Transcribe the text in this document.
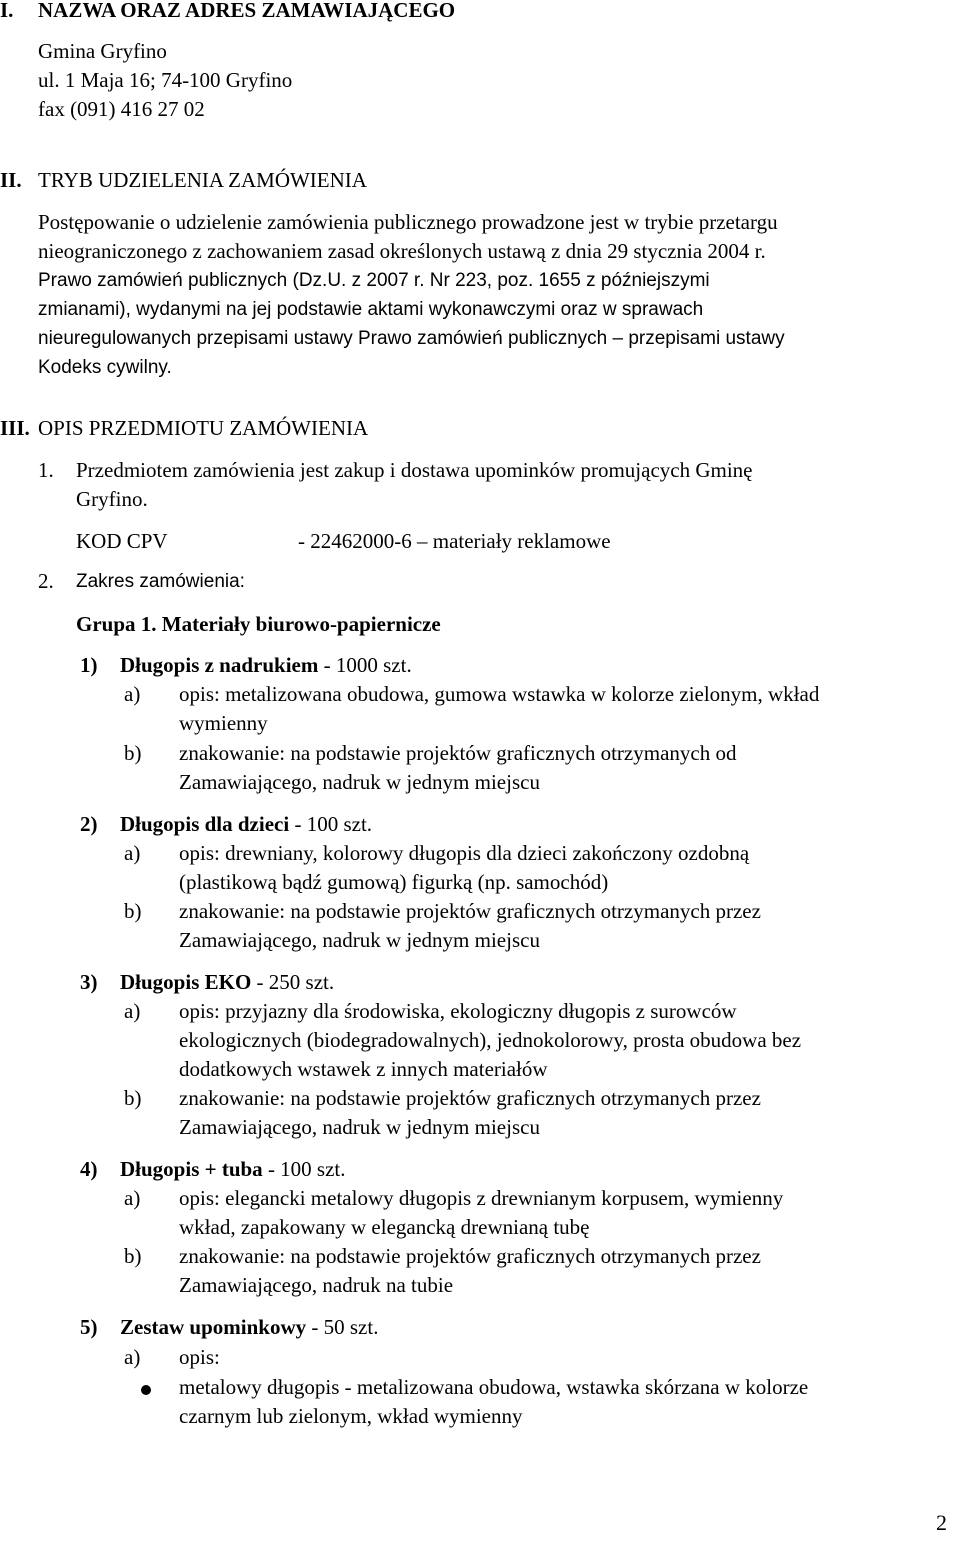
I. NAZWA ORAZ ADRES ZAMAWIAJĄCEGO
Gmina Gryfino
ul. 1 Maja 16; 74-100 Gryfino
fax (091) 416 27 02
II. TRYB UDZIELENIA ZAMÓWIENIA
Postępowanie o udzielenie zamówienia publicznego prowadzone jest w trybie przetargu
nieograniczonego z zachowaniem zasad określonych ustawą z dnia 29 stycznia 2004 r.
Prawo zamówień publicznych (Dz.U. z 2007 r. Nr 223, poz. 1655 z późniejszymi
zmianami), wydanymi na jej podstawie aktami wykonawczymi oraz w sprawach
nieuregulowanych przepisami ustawy Prawo zamówień publicznych – przepisami ustawy
Kodeks cywilny.
III. OPIS PRZEDMIOTU ZAMÓWIENIA
1. Przedmiotem zamówienia jest zakup i dostawa upominków promujących Gminę
Gryfino.
KOD CPV	- 22462000-6 – materiały reklamowe
2. Zakres zamówienia:
Grupa 1. Materiały biurowo-papiernicze
1) Długopis z nadrukiem - 1000 szt.
a) opis: metalizowana obudowa, gumowa wstawka w kolorze zielonym, wkład
wymienny
b) znakowanie: na podstawie projektów graficznych otrzymanych od
Zamawiającego, nadruk w jednym miejscu
2) Długopis dla dzieci - 100 szt.
a) opis: drewniany, kolorowy długopis dla dzieci zakończony ozdobną
(plastikową bądź gumową) figurką (np. samochód)
b) znakowanie: na podstawie projektów graficznych otrzymanych przez
Zamawiającego, nadruk w jednym miejscu
3) Długopis EKO - 250 szt.
a) opis: przyjazny dla środowiska, ekologiczny długopis z surowców
ekologicznych (biodegradowalnych), jednokolorowy, prosta obudowa bez
dodatkowych wstawek z innych materiałów
b) znakowanie: na podstawie projektów graficznych otrzymanych przez
Zamawiającego, nadruk w jednym miejscu
4) Długopis + tuba - 100 szt.
a) opis: elegancki metalowy długopis z drewnianym korpusem, wymienny
wkład, zapakowany w elegancką drewnianą tubę
b) znakowanie: na podstawie projektów graficznych otrzymanych przez
Zamawiającego, nadruk na tubie
5) Zestaw upominkowy - 50 szt.
a) opis:
metalowy długopis - metalizowana obudowa, wstawka skórzana w kolorze
czarnym lub zielonym, wkład wymienny
2
